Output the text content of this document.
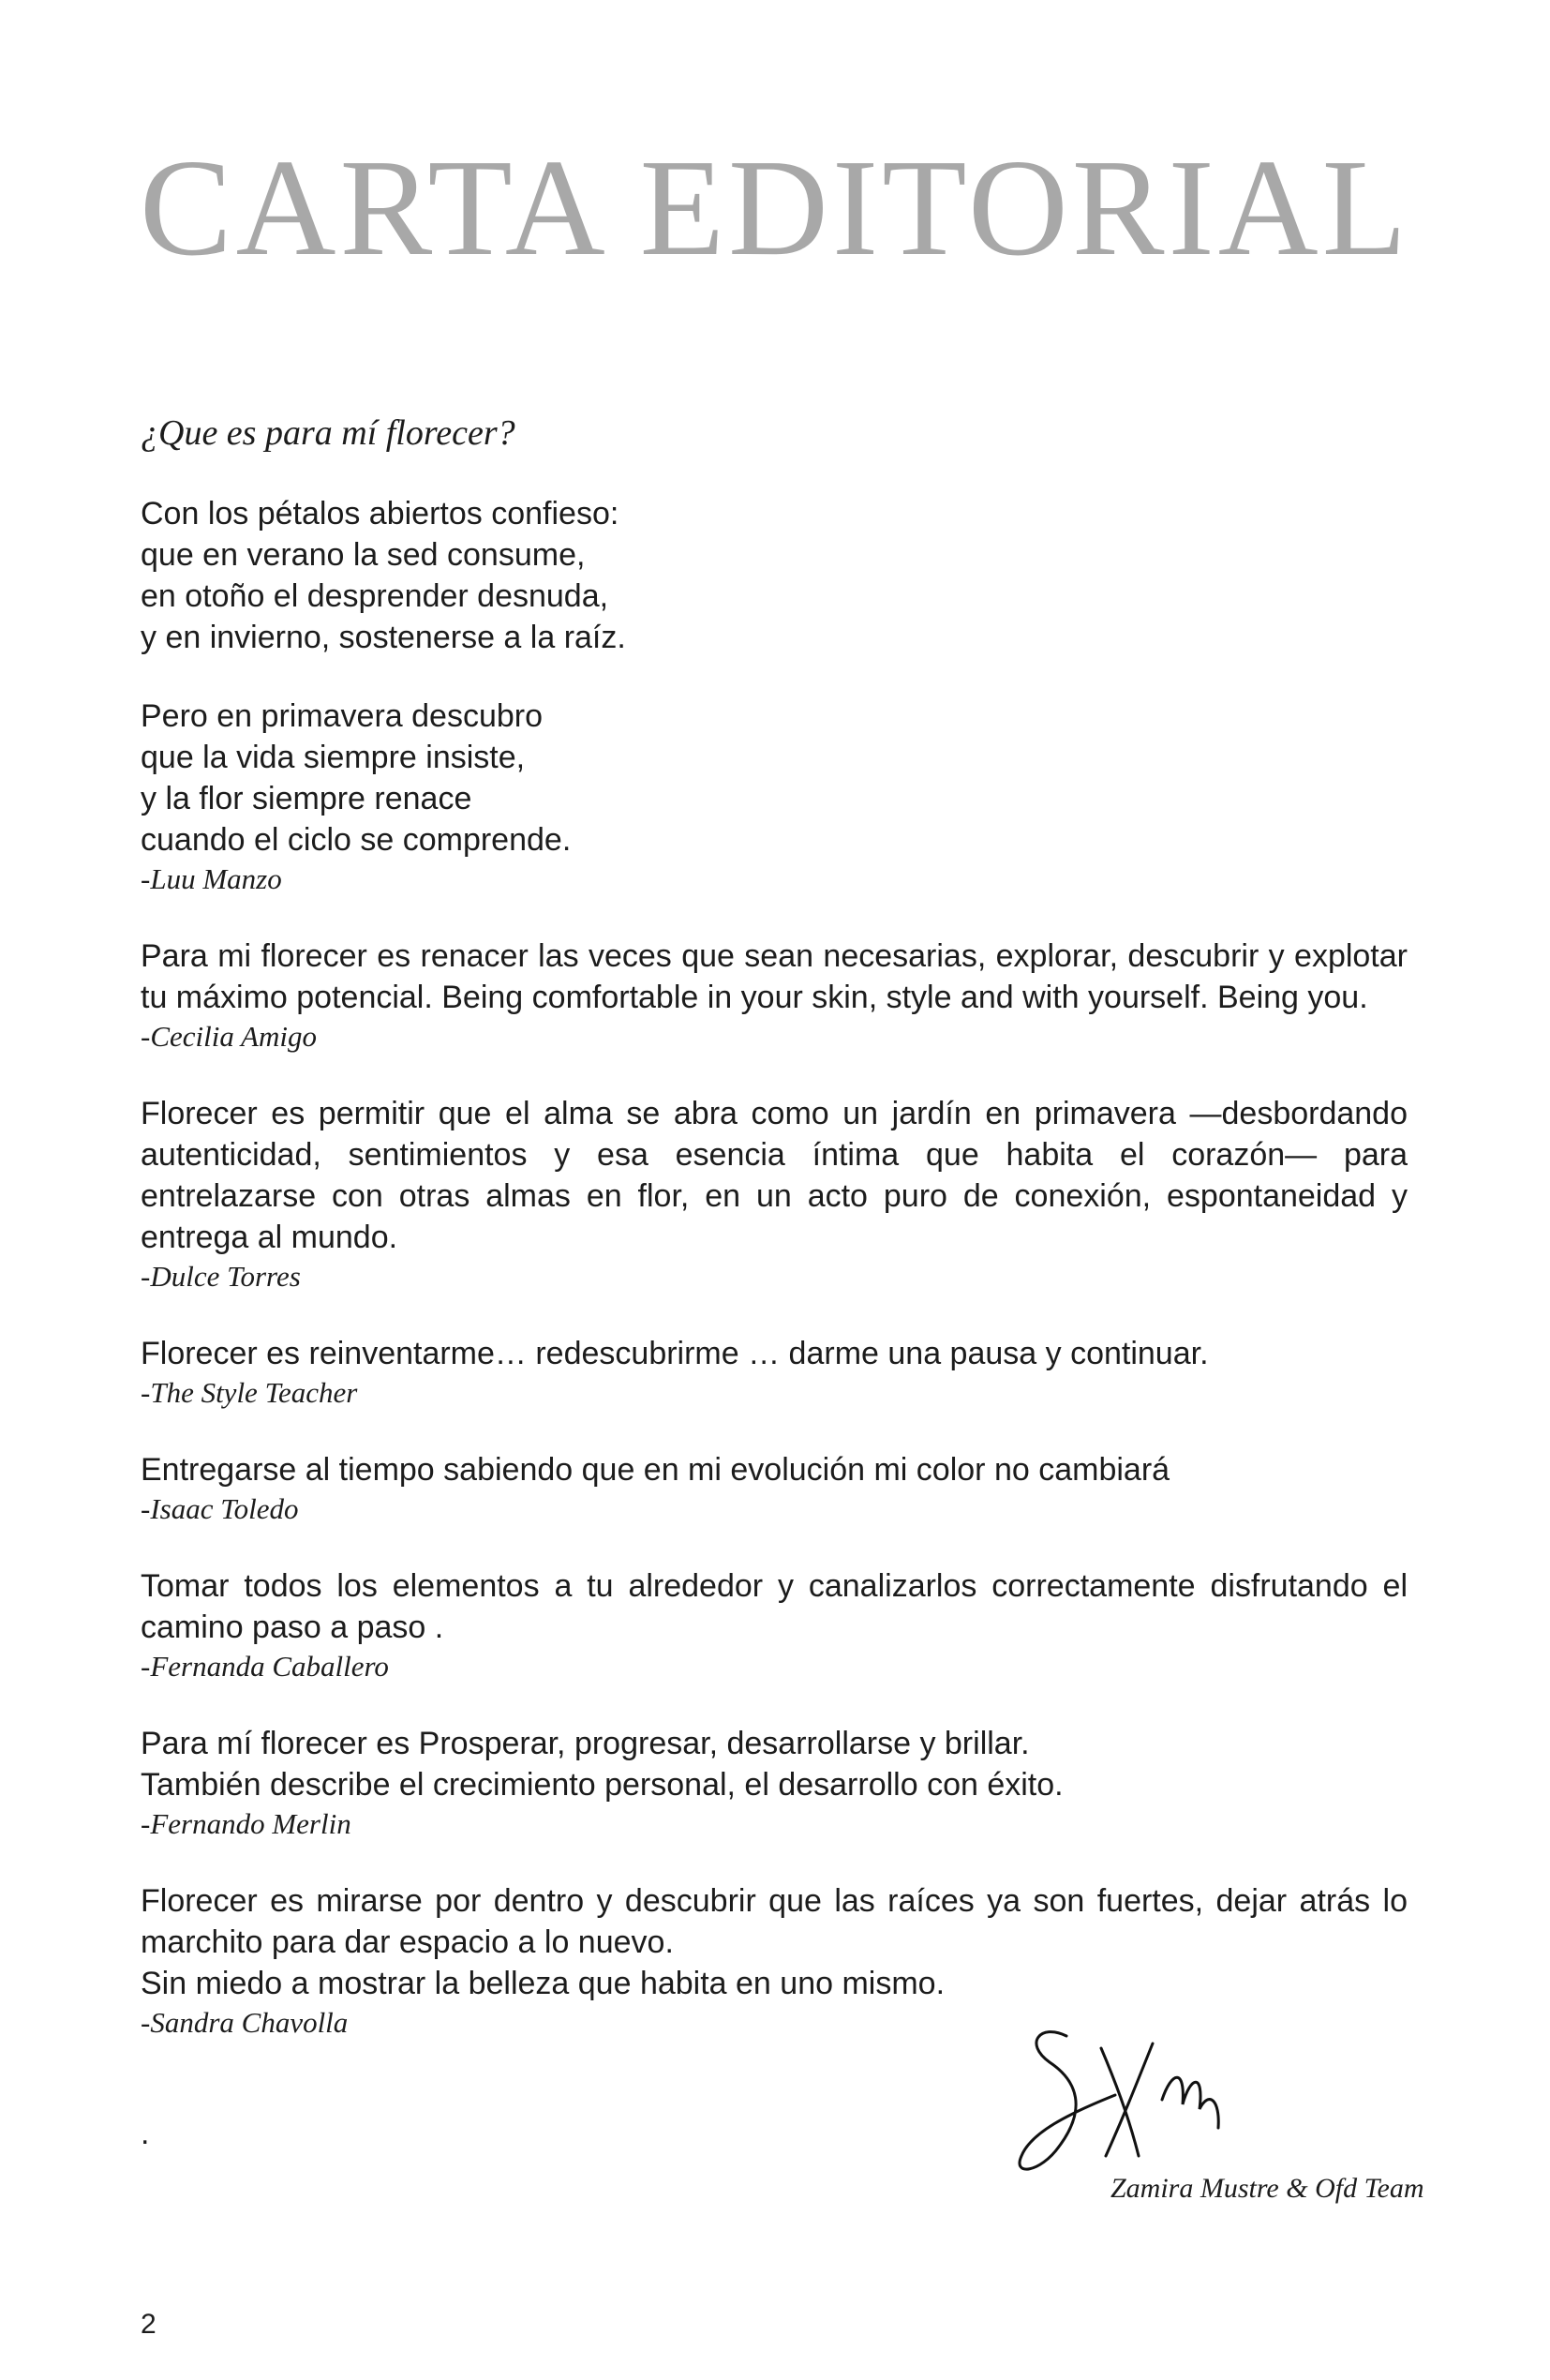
CARTA EDITORIAL
¿Que es para mí florecer?

Con los pétalos abiertos confieso:

que en verano la sed consume,

en otoño el desprender desnuda,

y en invierno, sostenerse a la raíz.

Pero en primavera descubro

que la vida siempre insiste,

y la flor siempre renace

cuando el ciclo se comprende.

-Luu Manzo

Para mi florecer es renacer las veces que sean necesarias, explorar, descubrir y explotar tu máximo potencial. Being comfortable in your skin, style and with yourself. Being you.

-Cecilia Amigo

Florecer es permitir que el alma se abra como un jardín en primavera —desbordando autenticidad, sentimientos y esa esencia íntima que habita el corazón— para entrelazarse con otras almas en flor, en un acto puro de conexión, espontaneidad y entrega al mundo.

-Dulce Torres

Florecer es reinventarme… redescubrirme … darme una pausa y continuar.

-The Style Teacher

Entregarse al tiempo sabiendo que en mi evolución mi color no cambiará

-Isaac Toledo

Tomar todos los elementos a tu alrededor y canalizarlos correctamente disfrutando el camino paso a paso .

-Fernanda Caballero

Para mí florecer es Prosperar, progresar, desarrollarse y brillar.

También describe el crecimiento personal, el desarrollo con éxito.

-Fernando Merlin

Florecer es mirarse por dentro y descubrir que las raíces ya son fuertes, dejar atrás lo marchito para dar espacio a lo nuevo.

Sin miedo a mostrar la belleza que habita en uno mismo.

-Sandra Chavolla
.
Zamira Mustre & Ofd Team
2
